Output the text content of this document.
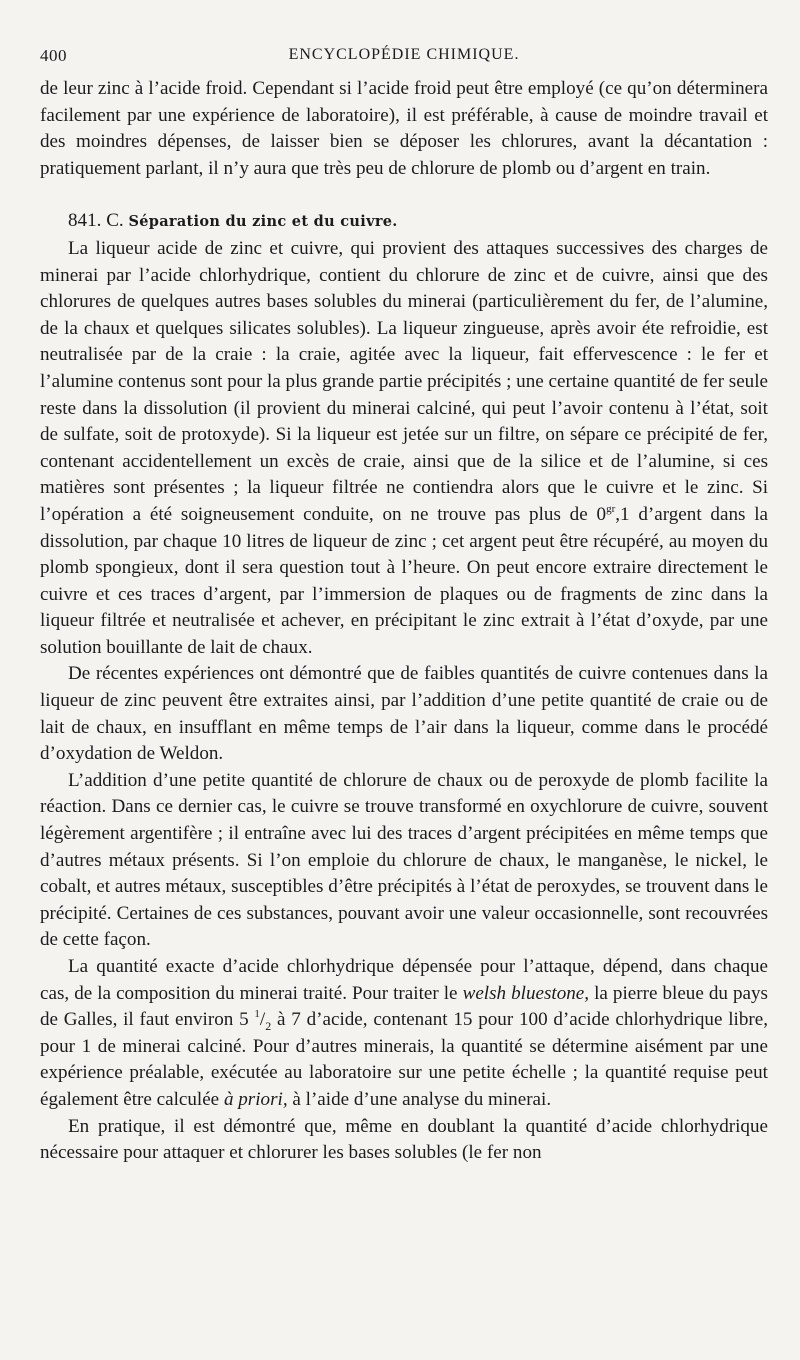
400	ENCYCLOPÉDIE CHIMIQUE.

de leur zinc à l’acide froid. Cependant si l’acide froid peut être employé (ce qu’on déterminera facilement par une expérience de laboratoire), il est préférable, à cause de moindre travail et des moindres dépenses, de laisser bien se déposer les chlorures, avant la décantation : pratiquement parlant, il n’y aura que très peu de chlorure de plomb ou d’argent en train.

841. C. Séparation du zinc et du cuivre.

La liqueur acide de zinc et cuivre, qui provient des attaques successives des charges de minerai par l’acide chlorhydrique, contient du chlorure de zinc et de cuivre, ainsi que des chlorures de quelques autres bases solubles du minerai (particulièrement du fer, de l’alumine, de la chaux et quelques silicates solubles). La liqueur zingueuse, après avoir éte refroidie, est neutralisée par de la craie : la craie, agitée avec la liqueur, fait effervescence : le fer et l’alumine contenus sont pour la plus grande partie précipités ; une certaine quantité de fer seule reste dans la dissolution (il provient du minerai calciné, qui peut l’avoir contenu à l’état, soit de sulfate, soit de protoxyde). Si la liqueur est jetée sur un filtre, on sépare ce précipité de fer, contenant accidentellement un excès de craie, ainsi que de la silice et de l’alumine, si ces matières sont présentes ; la liqueur filtrée ne contiendra alors que le cuivre et le zinc. Si l’opération a été soigneusement conduite, on ne trouve pas plus de $0^{gr},1$ d’argent dans la dissolution, par chaque 10 litres de liqueur de zinc ; cet argent peut être récupéré, au moyen du plomb spongieux, dont il sera question tout à l’heure. On peut encore extraire directement le cuivre et ces traces d’argent, par l’immersion de plaques ou de fragments de zinc dans la liqueur filtrée et neutralisée et achever, en précipitant le zinc extrait à l’état d’oxyde, par une solution bouillante de lait de chaux.

De récentes expériences ont démontré que de faibles quantités de cuivre contenues dans la liqueur de zinc peuvent être extraites ainsi, par l’addition d’une petite quantité de craie ou de lait de chaux, en insufflant en même temps de l’air dans la liqueur, comme dans le procédé d’oxydation de Weldon.

L’addition d’une petite quantité de chlorure de chaux ou de peroxyde de plomb facilite la réaction. Dans ce dernier cas, le cuivre se trouve transformé en oxychlorure de cuivre, souvent légèrement argentifère ; il entraîne avec lui des traces d’argent précipitées en même temps que d’autres métaux présents. Si l’on emploie du chlorure de chaux, le manganèse, le nickel, le cobalt, et autres métaux, susceptibles d’être précipités à l’état de peroxydes, se trouvent dans le précipité. Certaines de ces substances, pouvant avoir une valeur occasionnelle, sont recouvrées de cette façon.

La quantité exacte d’acide chlorhydrique dépensée pour l’attaque, dépend, dans chaque cas, de la composition du minerai traité. Pour traiter le welsh bluestone, la pierre bleue du pays de Galles, il faut environ 5 $^1/_2$ à 7 d’acide, contenant 15 pour 100 d’acide chlorhydrique libre, pour 1 de minerai calciné. Pour d’autres minerais, la quantité se détermine aisément par une expérience préalable, exécutée au laboratoire sur une petite échelle ; la quantité requise peut également être calculée à priori, à l’aide d’une analyse du minerai.

En pratique, il est démontré que, même en doublant la quantité d’acide chlorhydrique nécessaire pour attaquer et chlorurer les bases solubles (le fer non
